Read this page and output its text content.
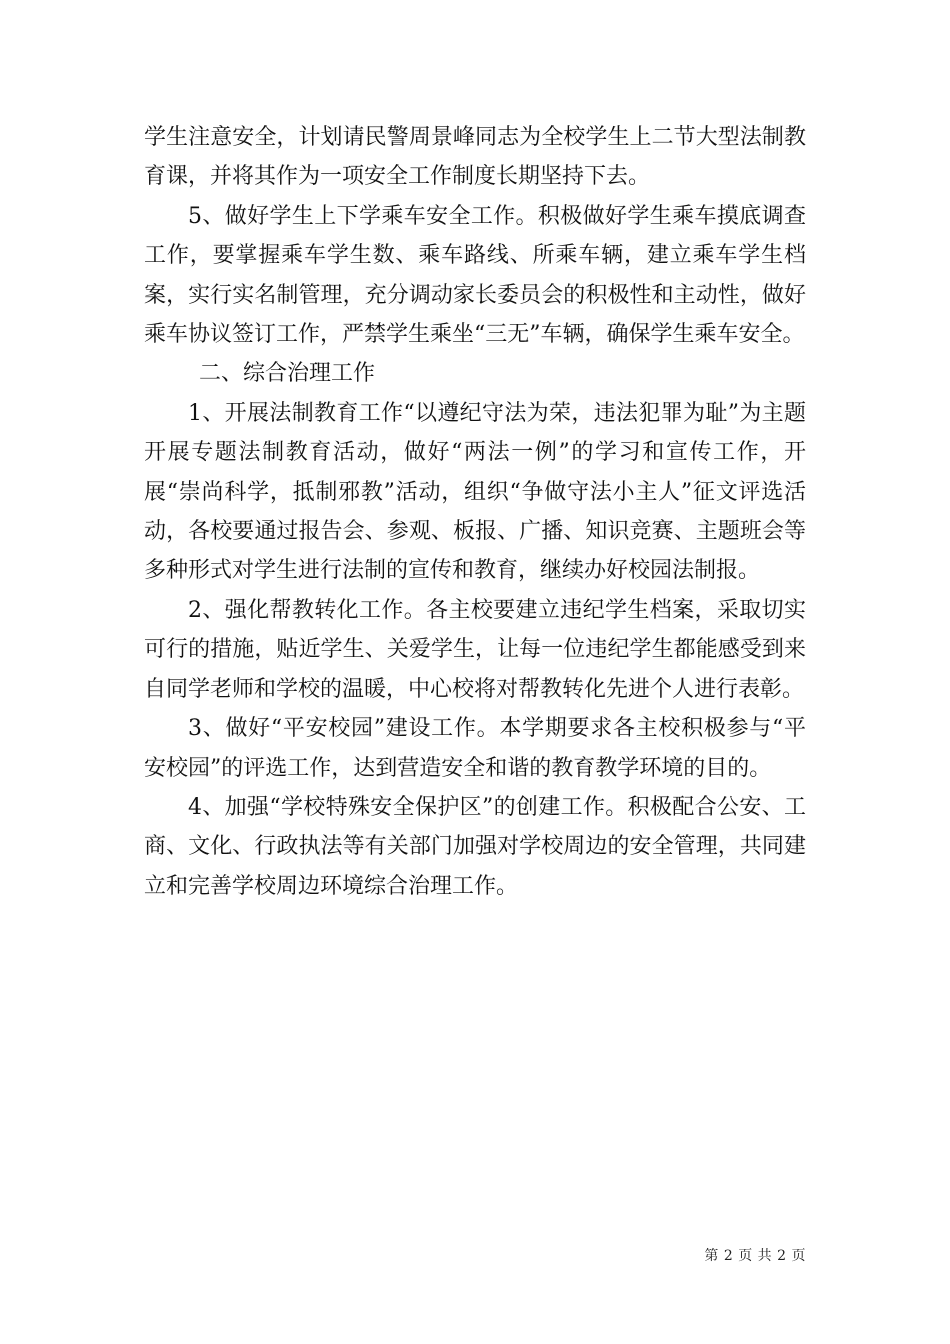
学生注意安全，计划请民警周景峰同志为全校学生上二节大型法制教育课，并将其作为一项安全工作制度长期坚持下去。

5、做好学生上下学乘车安全工作。积极做好学生乘车摸底调查工作，要掌握乘车学生数、乘车路线、所乘车辆，建立乘车学生档案，实行实名制管理，充分调动家长委员会的积极性和主动性，做好乘车协议签订工作，严禁学生乘坐“三无”车辆，确保学生乘车安全。

二、综合治理工作

1、开展法制教育工作“以遵纪守法为荣，违法犯罪为耻”为主题开展专题法制教育活动，做好“两法一例”的学习和宣传工作，开展“崇尚科学，抵制邪教”活动，组织“争做守法小主人”征文评选活动，各校要通过报告会、参观、板报、广播、知识竞赛、主题班会等多种形式对学生进行法制的宣传和教育，继续办好校园法制报。

2、强化帮教转化工作。各主校要建立违纪学生档案，采取切实可行的措施，贴近学生、关爱学生，让每一位违纪学生都能感受到来自同学老师和学校的温暖，中心校将对帮教转化先进个人进行表彰。

3、做好“平安校园”建设工作。本学期要求各主校积极参与“平安校园”的评选工作，达到营造安全和谐的教育教学环境的目的。

4、加强“学校特殊安全保护区”的创建工作。积极配合公安、工商、文化、行政执法等有关部门加强对学校周边的安全管理，共同建立和完善学校周边环境综合治理工作。

第 2 页 共 2 页
